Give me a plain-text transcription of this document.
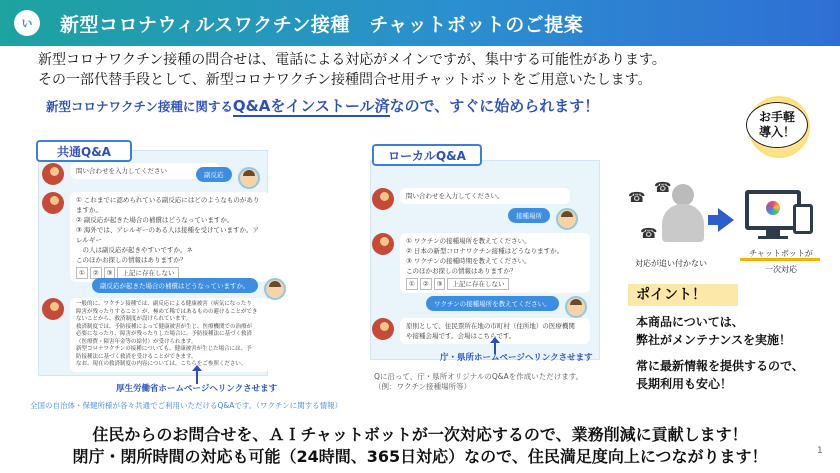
い 新型コロナウィルスワクチン接種　チャットボットのご提案
新型コロナワクチン接種の問合せは、電話による対応がメインですが、集中する可能性があります。
その一部代替手段として、新型コロナワクチン接種問合せ用チャットボットをご用意いたします。
新型コロナワクチン接種に関するQ&Aをインストール済なので、すぐに始められます！
お手軽
導入！
共通Q&A
問い合わせを入力してください	副反応
① これまでに認められている副反応にはどのようなものがありますか。
② 副反応が起きた場合の補償はどうなっていますか。
③ 海外では、アレルギーのある人は接種を受けていますか。アレルギー
　の人は副反応が起きやすいですか。ネ
このほかお探しの情報はありますか？
①	②	③	上記に存在しない
副反応が起きた場合の補償はどうなっていますか。
一般的に、ワクチン接種では、副反応による健康被害（病気になったり
障害が残ったりすること）が、極めて稀ではあるものの避けることができ
ないことから、救済制度が設けられています。
救済制度では、予防接種によって健康被害が生じ、医療機関での治療が
必要になったり、障害が残ったりした場合に、予防接種法に基づく救済
（医療費・障害年金等の給付）が受けられます。
新型コロナワクチンの接種についても、健康被害が生じた場合には、予
防接種法に基づく救済を受けることができます。
なお、現在の救済制度の内容については、こちらをご参照ください。
厚生労働省ホームページへリンクさせます
全国の自治体・保健所様が各々共通でご利用いただけるQ&Aです。（ワクチンに関する情報）
ローカルQ&A
問い合わせを入力してください。
接種場所
① ワクチンの接種場所を教えてください。
② 日本の新型コロナワクチン接種はどうなりますか。
③ ワクチンの接種時期を教えてください。
このほかお探しの情報はありますか？
①	②	③	上記に存在しない
ワクチンの接種場所を教えてください。
原則として、住民票所在地の市町村（住所地）の医療機関
や接種会場です。会場はこちらです。
庁・県所ホームページへリンクさせます
Qに沿って、庁・県所オリジナルのQ&Aを作成いただけます。
（例：ワクチン接種場所等）
☎
☎
☎
対応が追い付かない
チャットボットが
一次対応
ポイント！
本商品については、
弊社がメンテナンスを実施！
常に最新情報を提供するので、
長期利用も安心！
住民からのお問合せを、ＡＩチャットボットが一次対応するので、業務削減に貢献します！
閉庁・閉所時間の対応も可能（24時間、365日対応）なので、住民満足度向上につながります！	1
